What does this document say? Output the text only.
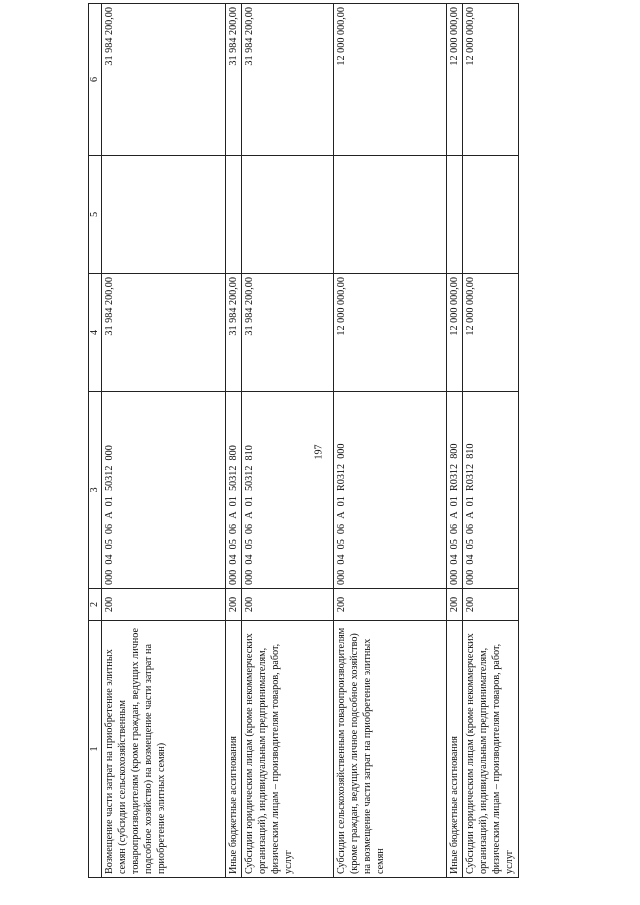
197
1	2	3	4	5	6
Возмещение части затрат на приобретение элитных семян (субсидии сельскохозяйственным товаропроизводителям (кроме граждан, ведущих личное подсобное хозяйство) на возмещение части затрат на приобретение элитных семян)	200	000  04  05  06  А  01  50312  000	31 984 200,00		31 984 200,00
Иные бюджетные ассигнования	200	000  04  05  06  А  01  50312  800	31 984 200,00		31 984 200,00
Субсидии юридическим лицам (кроме некоммерческих организаций), индивидуальным предпринимателям, физическим лицам – производителям товаров, работ, услуг	200	000  04  05  06  А  01  50312  810	31 984 200,00		31 984 200,00
Субсидии сельскохозяйственным товаропроизводителям (кроме граждан, ведущих личное подсобное хозяйство) на возмещение части затрат на приобретение элитных семян	200	000  04  05  06  А  01  R0312  000	12 000 000,00		12 000 000,00
Иные бюджетные ассигнования	200	000  04  05  06  А  01  R0312  800	12 000 000,00		12 000 000,00
Субсидии юридическим лицам (кроме некоммерческих организаций), индивидуальным предпринимателям, физическим лицам – производителям товаров, работ, услуг	200	000  04  05  06  А  01  R0312  810	12 000 000,00		12 000 000,00
